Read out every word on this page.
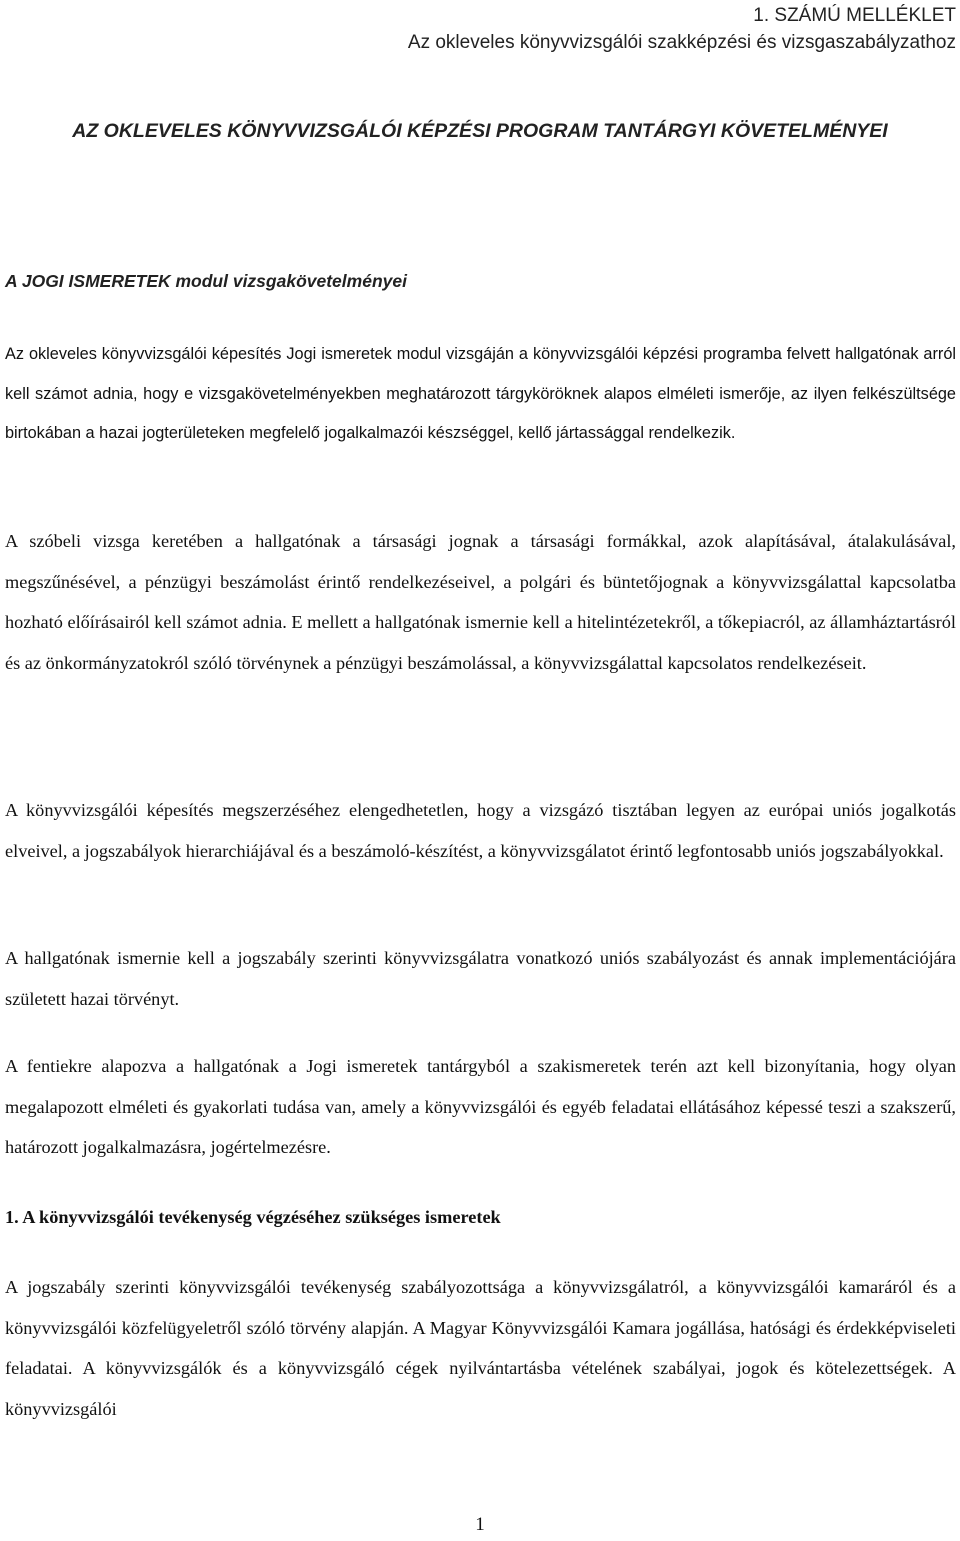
1. SZÁMÚ MELLÉKLET
Az okleveles könyvvizsgálói szakképzési és vizsgaszabályzathoz
AZ OKLEVELES KÖNYVVIZSGÁLÓI KÉPZÉSI PROGRAM TANTÁRGYI KÖVETELMÉNYEI
A JOGI ISMERETEK modul vizsgakövetelményei

Az okleveles könyvvizsgálói képesítés Jogi ismeretek modul vizsgáján a könyvvizsgálói képzési programba felvett hallgatónak arról kell számot adnia, hogy e vizsgakövetelményekben meghatározott tárgyköröknek alapos elméleti ismerője, az ilyen felkészültsége birtokában a hazai jogterületeken megfelelő jogalkalmazói készséggel, kellő jártassággal rendelkezik.

A szóbeli vizsga keretében a hallgatónak a társasági jognak a társasági formákkal, azok alapításával, átalakulásával, megszűnésével, a pénzügyi beszámolást érintő rendelkezéseivel, a polgári és büntetőjognak a könyvvizsgálattal kapcsolatba hozható előírásairól kell számot adnia. E mellett a hallgatónak ismernie kell a hitelintézetekről, a tőkepiacról, az államháztartásról és az önkormányzatokról szóló törvénynek a pénzügyi beszámolással, a könyvvizsgálattal kapcsolatos rendelkezéseit.

A könyvvizsgálói képesítés megszerzéséhez elengedhetetlen, hogy a vizsgázó tisztában legyen az európai uniós jogalkotás elveivel, a jogszabályok hierarchiájával és a beszámoló-készítést, a könyvvizsgálatot érintő legfontosabb uniós jogszabályokkal.

A hallgatónak ismernie kell a jogszabály szerinti könyvvizsgálatra vonatkozó uniós szabályozást és annak implementációjára született hazai törvényt.

A fentiekre alapozva a hallgatónak a Jogi ismeretek tantárgyból a szakismeretek terén azt kell bizonyítania, hogy olyan megalapozott elméleti és gyakorlati tudása van, amely a könyvvizsgálói és egyéb feladatai ellátásához képessé teszi a szakszerű, határozott jogalkalmazásra, jogértelmezésre.

1. A könyvvizsgálói tevékenység végzéséhez szükséges ismeretek

A jogszabály szerinti könyvvizsgálói tevékenység szabályozottsága a könyvvizsgálatról, a könyvvizsgálói kamaráról és a könyvvizsgálói közfelügyeletről szóló törvény alapján. A Magyar Könyvvizsgálói Kamara jogállása, hatósági és érdekképviseleti feladatai. A könyvvizsgálók és a könyvvizsgáló cégek nyilvántartásba vételének szabályai, jogok és kötelezettségek. A könyvvizsgálói

1
